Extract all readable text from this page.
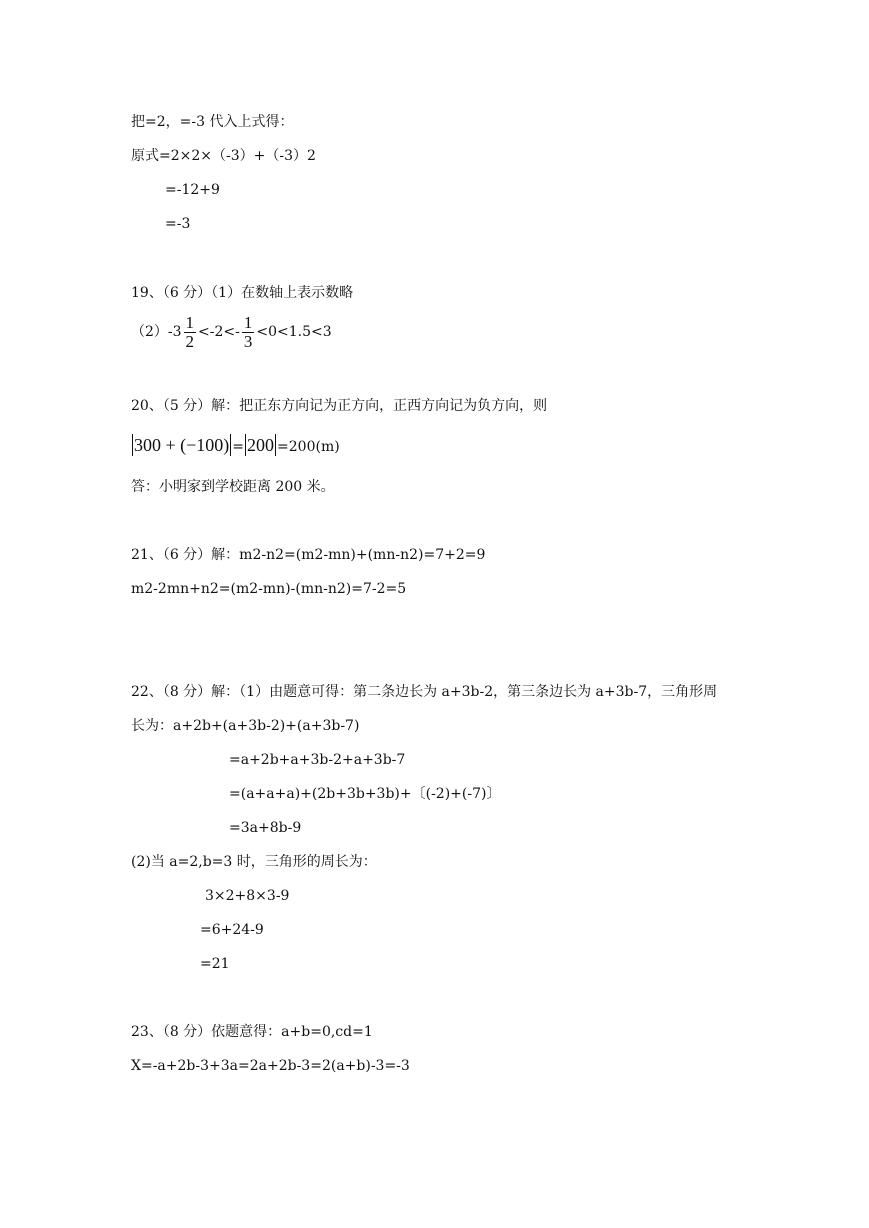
把=2，=-3 代入上式得：
原式=2×2×（-3）+（-3）2
=-12+9
=-3
19、（6 分）（1）在数轴上表示数略
$(2)-3 \frac{1}{2} <-2<- \frac{1}{3} <0<1.5<3$
20、（5 分）解：把正东方向记为正方向，正西方向记为负方向，则
300 + (−100) = 200 =200(m)
答：小明家到学校距离 200 米。
21、（6 分）解：m2-n2=(m2-mn)+(mn-n2)=7+2=9
m2-2mn+n2=(m2-mn)-(mn-n2)=7-2=5
22、（8 分）解：（1）由题意可得：第二条边长为 a+3b-2，第三条边长为 a+3b-7，三角形周
长为：a+2b+(a+3b-2)+(a+3b-7)
=a+2b+a+3b-2+a+3b-7
=(a+a+a)+(2b+3b+3b)+〔(-2)+(-7)〕
=3a+8b-9
(2)当 a=2,b=3 时，三角形的周长为：
3×2+8×3-9
=6+24-9
=21
23、（8 分）依题意得：a+b=0,cd=1
X=-a+2b-3+3a=2a+2b-3=2(a+b)-3=-3
